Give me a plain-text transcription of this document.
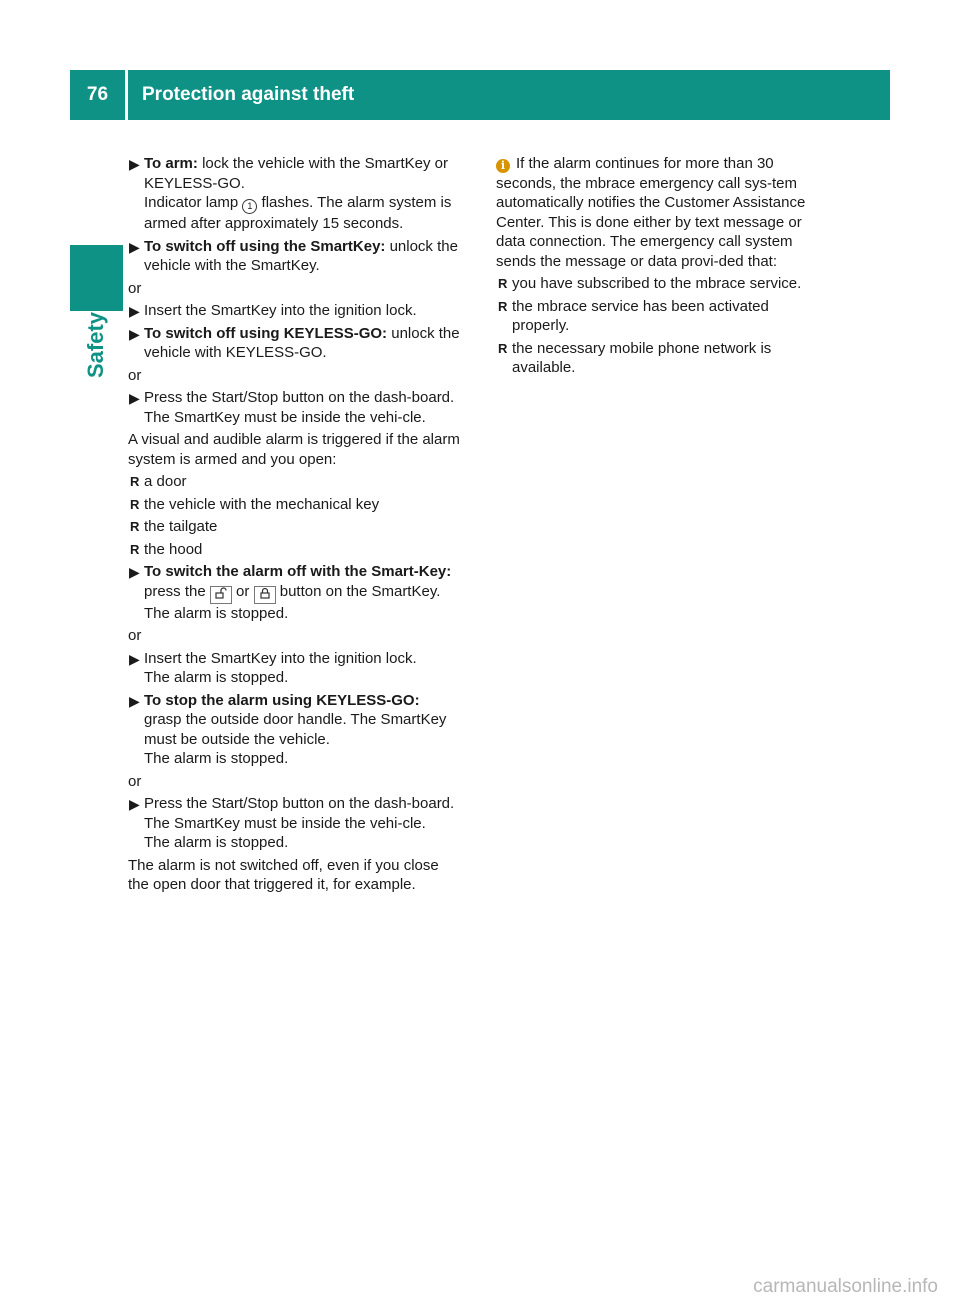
76	Protection against theft
Safety
▶ To arm: lock the vehicle with the SmartKey or KEYLESS-GO.
Indicator lamp 1 flashes. The alarm system is armed after approximately 15 seconds.
▶ To switch off using the SmartKey: unlock the vehicle with the SmartKey.
or
▶ Insert the SmartKey into the ignition lock.
▶ To switch off using KEYLESS-GO: unlock the vehicle with KEYLESS-GO.
or
▶ Press the Start/Stop button on the dash-board. The SmartKey must be inside the vehi-cle.
A visual and audible alarm is triggered if the alarm system is armed and you open:
R a door
R the vehicle with the mechanical key
R the tailgate
R the hood
▶ To switch the alarm off with the Smart-Key: press the  or  button on the SmartKey.
The alarm is stopped.
or
▶ Insert the SmartKey into the ignition lock.
The alarm is stopped.
▶ To stop the alarm using KEYLESS-GO:
grasp the outside door handle. The SmartKey must be outside the vehicle.
The alarm is stopped.
or
▶ Press the Start/Stop button on the dash-board. The SmartKey must be inside the vehi-cle.
The alarm is stopped.
The alarm is not switched off, even if you close the open door that triggered it, for example.
i If the alarm continues for more than 30 seconds, the mbrace emergency call sys-tem automatically notifies the Customer Assistance Center. This is done either by text message or data connection. The emergency call system sends the message or data provi-ded that:
R you have subscribed to the mbrace service.
R the mbrace service has been activated properly.
R the necessary mobile phone network is available.
carmanualsonline.info
